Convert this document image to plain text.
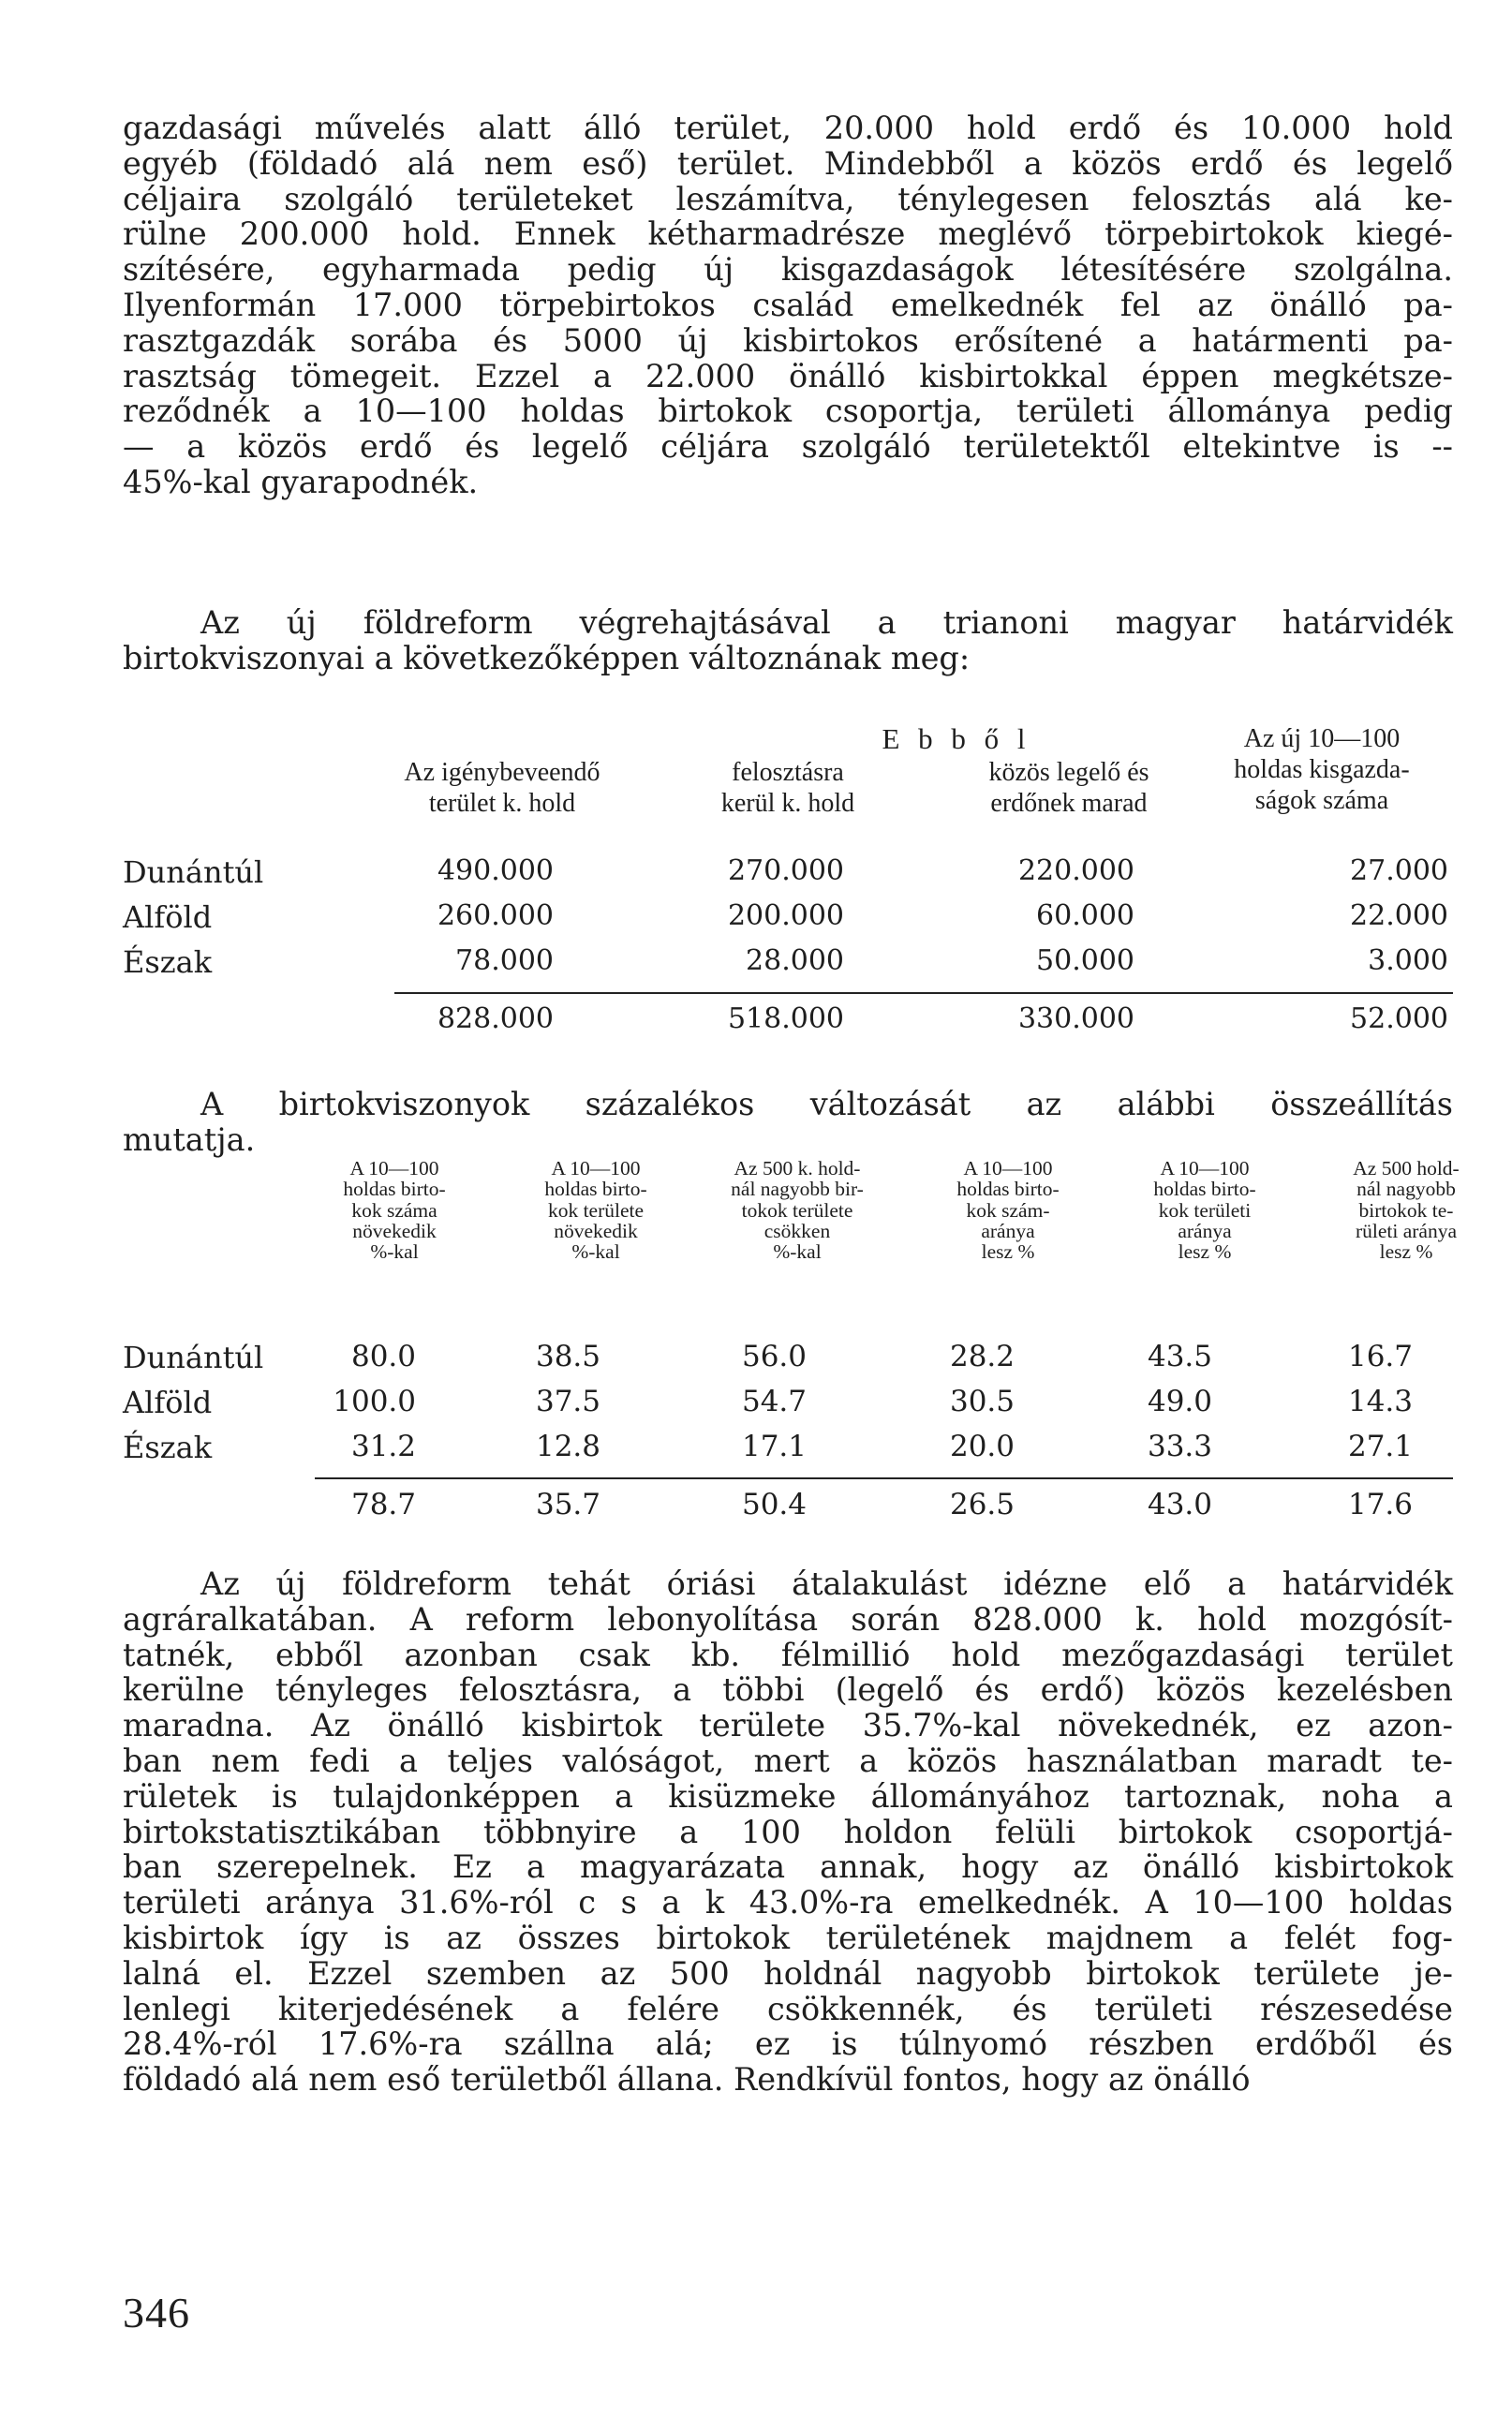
gazdasági művelés alatt álló terület, 20.000 hold erdő és 10.000 hold
egyéb (földadó alá nem eső) terület. Mindebből a közös erdő és legelő
céljaira szolgáló területeket leszámítva, ténylegesen felosztás alá ke-
rülne 200.000 hold. Ennek kétharmadrésze meglévő törpebirtokok kiegé-
szítésére, egyharmada pedig új kisgazdaságok létesítésére szolgálna.
Ilyenformán 17.000 törpebirtokos család emelkednék fel az önálló pa-
rasztgazdák sorába és 5000 új kisbirtokos erősítené a határmenti pa-
rasztság tömegeit. Ezzel a 22.000 önálló kisbirtokkal éppen megkétsze-
reződnék a 10—100 holdas birtokok csoportja, területi állománya pedig
— a közös erdő és legelő céljára szolgáló területektől eltekintve is --
45%-kal gyarapodnék.
Az új földreform végrehajtásával a trianoni magyar határvidék
birtokviszonyai a következőképpen változnának meg:
E b b ő l
Az igénybeveendő
terület k. hold
felosztásra
kerül k. hold
közös legelő és
erdőnek marad
Az új 10—100
holdas kisgazda-
ságok száma
Dunántúl	490.000	270.000	220.000	27.000
Alföld	260.000	200.000	60.000	22.000
Észak	78.000	28.000	50.000	3.000
828.000	518.000	330.000	52.000
A birtokviszonyok százalékos változását az alábbi összeállítás
mutatja.
A 10—100
holdas birto-
kok száma
növekedik
%-kal
A 10—100
holdas birto-
kok területe
növekedik
%-kal
Az 500 k. hold-
nál nagyobb bir-
tokok területe
csökken
%-kal
A 10—100
holdas birto-
kok szám-
aránya
lesz %
A 10—100
holdas birto-
kok területi
aránya
lesz %
Az 500 hold-
nál nagyobb
birtokok te-
rületi aránya
lesz %
Dunántúl	80.0	38.5	56.0	28.2	43.5	16.7
Alföld	100.0	37.5	54.7	30.5	49.0	14.3
Észak	31.2	12.8	17.1	20.0	33.3	27.1
78.7	35.7	50.4	26.5	43.0	17.6
Az új földreform tehát óriási átalakulást idézne elő a határvidék
agráralkatában. A reform lebonyolítása során 828.000 k. hold mozgósít-
tatnék, ebből azonban csak kb. félmillió hold mezőgazdasági terület
kerülne tényleges felosztásra, a többi (legelő és erdő) közös kezelésben
maradna. Az önálló kisbirtok területe 35.7%-kal növekednék, ez azon-
ban nem fedi a teljes valóságot, mert a közös használatban maradt te-
rületek is tulajdonképpen a kisüzmeke állományához tartoznak, noha a
birtokstatisztikában többnyire a 100 holdon felüli birtokok csoportjá-
ban szerepelnek. Ez a magyarázata annak, hogy az önálló kisbirtokok
területi aránya 31.6%-ról c s a k 43.0%-ra emelkednék. A 10—100 holdas
kisbirtok így is az összes birtokok területének majdnem a felét fog-
lalná el. Ezzel szemben az 500 holdnál nagyobb birtokok területe je-
lenlegi kiterjedésének a felére csökkennék, és területi részesedése
28.4%-ról 17.6%-ra szállna alá; ez is túlnyomó részben erdőből és
földadó alá nem eső területből állana. Rendkívül fontos, hogy az önálló
346
